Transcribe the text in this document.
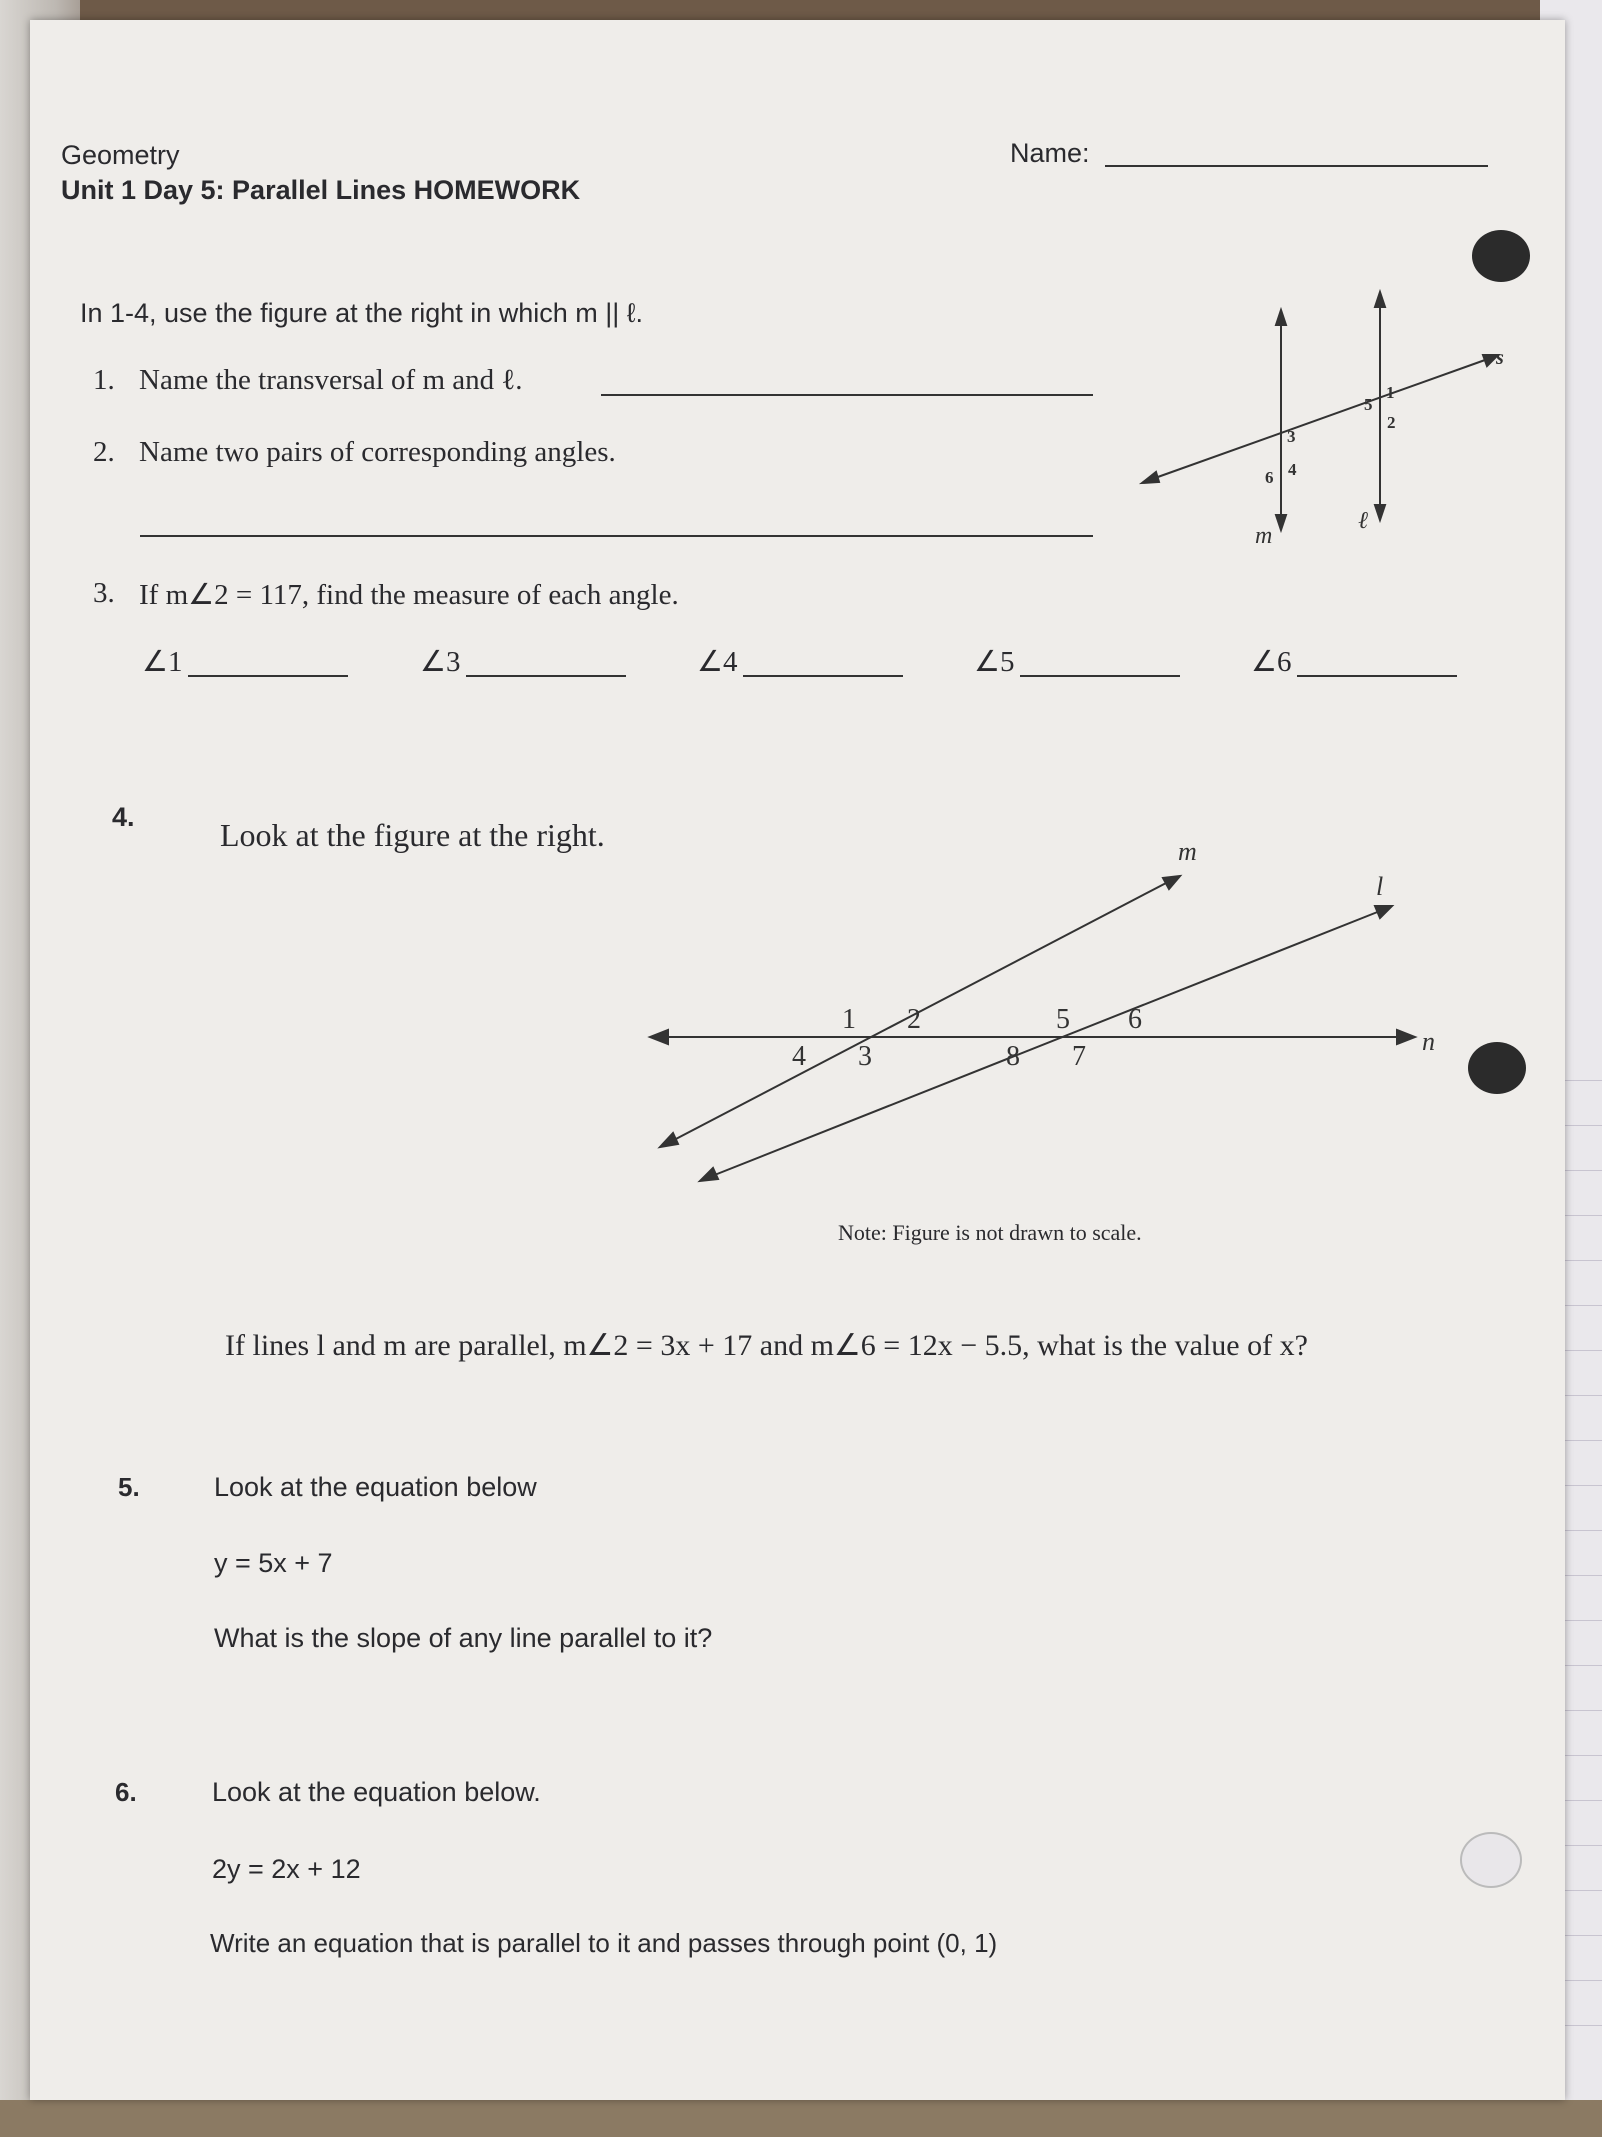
Geometry
Unit 1 Day 5: Parallel Lines HOMEWORK
Name:
In 1-4, use the figure at the right in which m || ℓ.
1. Name the transversal of m and ℓ.
2. Name two pairs of corresponding angles.
3. If m∠2 = 117, find the measure of each angle.
∠1	∠3	∠4	∠5	∠6
m
ℓ
s
1
2
3
4
5
6
4.	Look at the figure at the right.	m
l
n
1 2
3
4
5 6
7
8
Note: Figure is not drawn to scale.
If lines l and m are parallel, m∠2 = 3x + 17 and m∠6 = 12x − 5.5, what is the value of x?
5.	Look at the equation below
y = 5x + 7
What is the slope of any line parallel to it?
6.	Look at the equation below.
2y = 2x + 12
Write an equation that is parallel to it and passes through point (0, 1)
